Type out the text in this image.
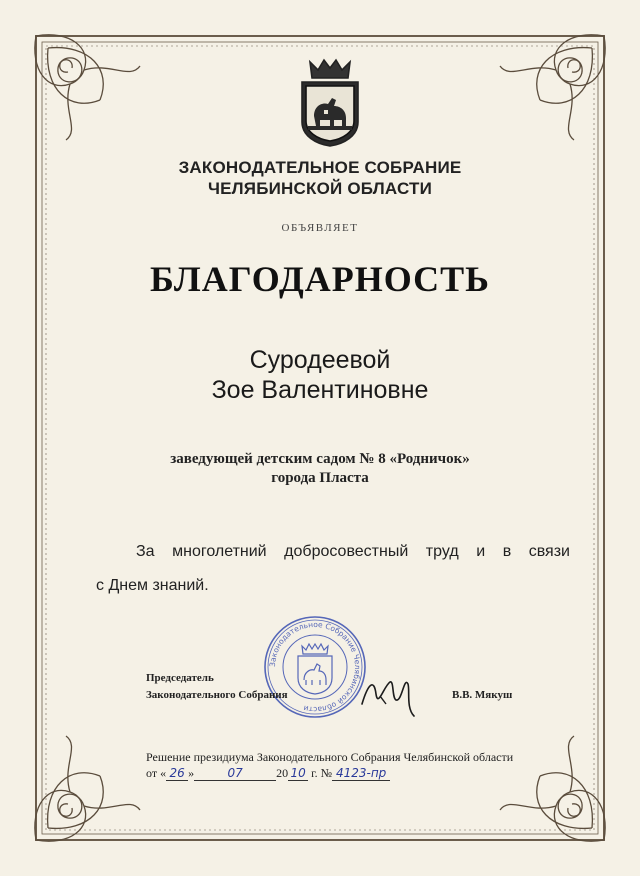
ЗАКОНОДАТЕЛЬНОЕ СОБРАНИЕ
ЧЕЛЯБИНСКОЙ ОБЛАСТИ
ОБЪЯВЛЯЕТ
БЛАГОДАРНОСТЬ
Суродеевой
Зое Валентиновне
заведующей детским садом № 8 «Родничок»
города Пласта
За многолетний добросовестный труд и в связи
с Днем знаний.
Законодательное Собрание Челябинской области
Председатель
Законодательного Собрания	В.В. Мякуш
Решение президиума Законодательного Собрания Челябинской области
от « 26 »	07	20 10 г. № 4123-пр
